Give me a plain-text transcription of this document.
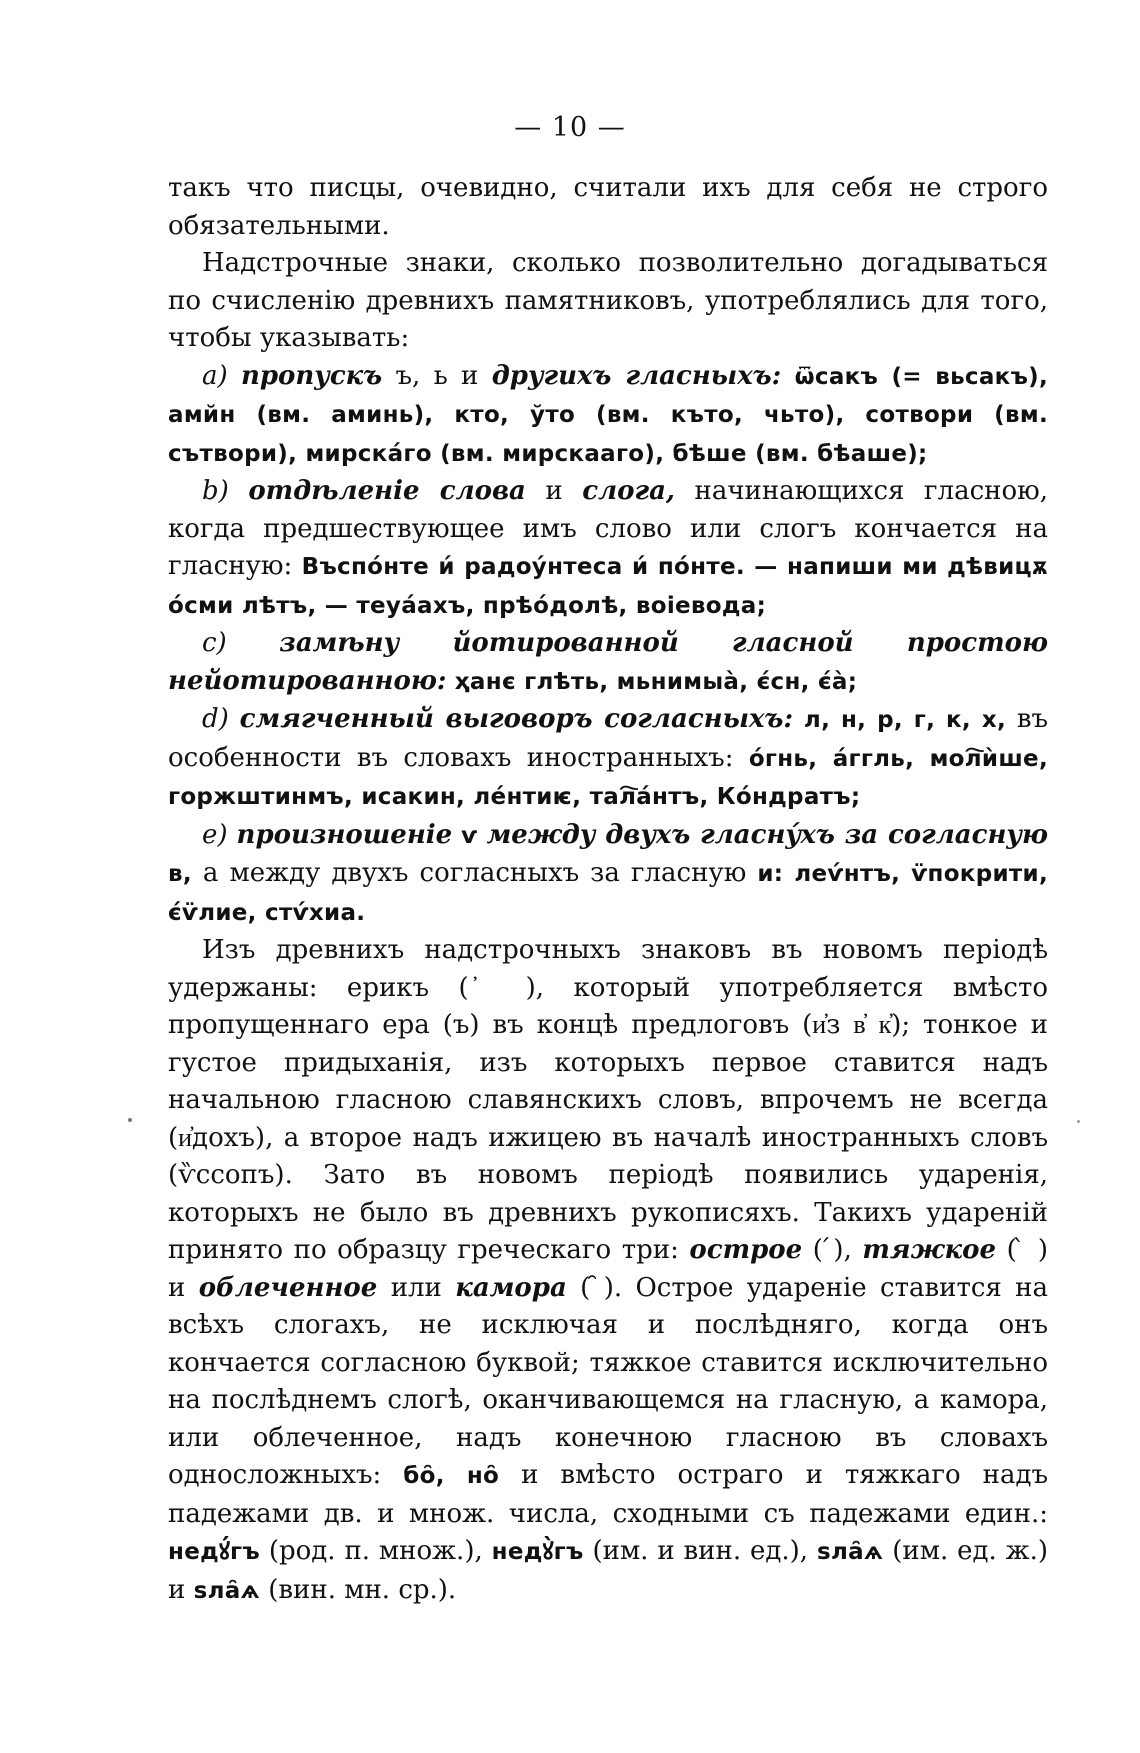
— 10 —

такъ что писцы, очевидно, считали ихъ для себя не строго обязательными.

Надстрочные знаки, сколько позволительно догадываться по счисленію древнихъ памятниковъ, употреблялись для того, чтобы указывать:

a) пропускъ ъ, ь и другихъ гласныхъ: ѿсакъ (= вьсакъ), амйн (вм. аминь), кто, ўто (вм. къто, чьто), сотвори (вм. сътвори), мирскáго (вм. мирскааго), бѣше (вм. бѣаше);

b) отдѣленіе слова и слога, начинающихся гласною, когда предшествующее имъ слово или слогъ кончается на гласную: Въспóнте и́ радоу́нтеса и́ пóнте. — напиши ми дѣвицѫ óсми лѣтъ, — теуáахъ, прѣóдолѣ, воіевода;

c) замѣну йотированной гласной простою нейотированною: ҳанє глѣть, мьнимыа̀, є́сн, є́а̀;

d) смягченный выговоръ согласныхъ: л, н, р, г, к, х, въ особенности въ словахъ иностранныхъ: о́гнь, а́ггль, мол҇ѝше, горжштинмъ, исакин, ле́нтиѥ, тал҇áнтъ, Кóндратъ;

e) произношеніе ѵ между двухъ гласнýхъ за согласную в, а между двухъ согласныхъ за гласную и: леѵ́нтъ, ѵ̈покрити, є́ѵ̈лие, стѵ́хиа.

Изъ древнихъ надстрочныхъ знаковъ въ новомъ періодѣ удержаны: ерикъ ( ҆ ), который употребляется вмѣсто пропущеннаго ера (ъ) въ концѣ предлоговъ (и҆з в҆ к҆); тонкое и густое придыханія, изъ которыхъ первое ставится надъ начальною гласною славянскихъ словъ, впрочемъ не всегда (и҆дохъ), а второе надъ ижицею въ началѣ иностранныхъ словъ (ѷссопъ). Зато въ новомъ періодѣ появились ударенія, которыхъ не было въ древнихъ рукописяхъ. Такихъ удареній принято по образцу греческаго три: острое ( ́), тяжкое ( ̀ ) и облеченное или камора ( ̑). Острое удареніе ставится на всѣхъ слогахъ, не исключая и послѣдняго, когда онъ кончается согласною буквой; тяжкое ставится исключительно на послѣднемъ слогѣ, оканчивающемся на гласную, а камора, или облеченное, надъ конечною гласною въ словахъ односложныхъ: бо̑, но̑ и вмѣсто остраго и тяжкаго надъ падежами дв. и множ. числа, сходными съ падежами един.: недꙋ́гъ (род. п. множ.), недꙋ̀гъ (им. и вин. ед.), ѕла̑ѧ (им. ед. ж.) и ѕла̑ѧ (вин. мн. ср.).
